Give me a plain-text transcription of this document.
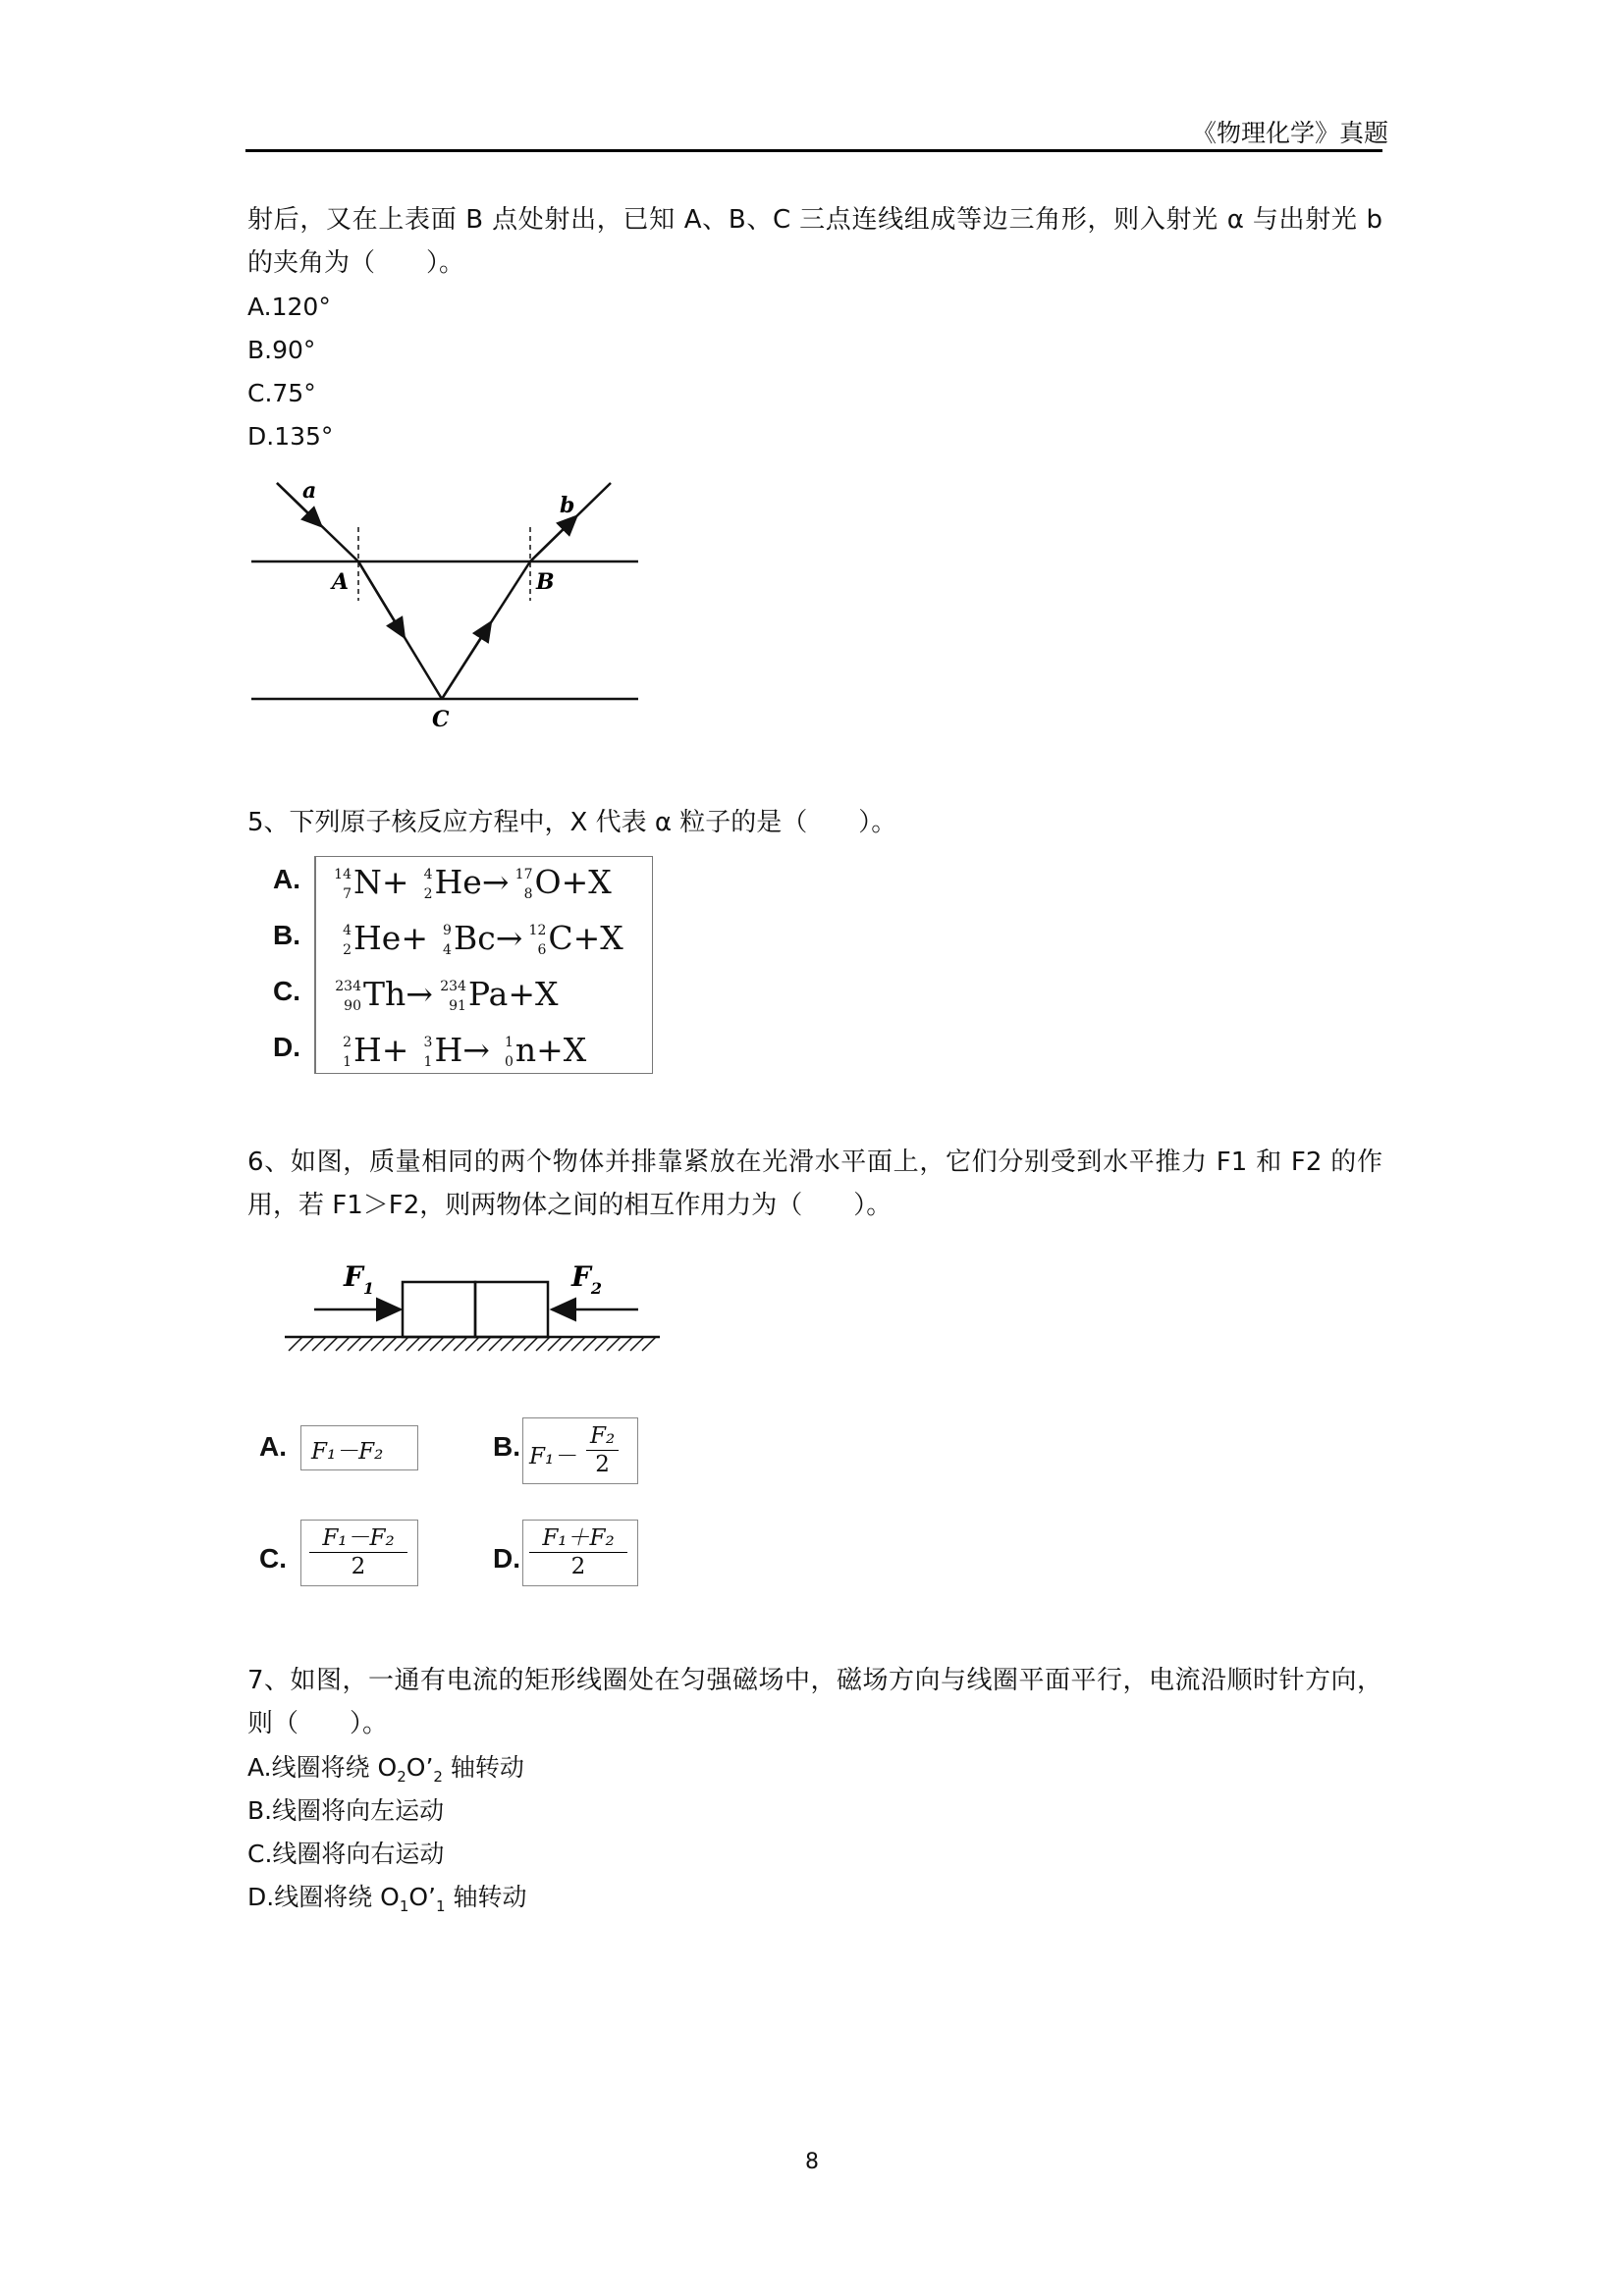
《物理化学》真题
射后，又在上表面 B 点处射出，已知 A、B、C 三点连线组成等边三角形，则入射光 α 与出射光 b 的夹角为（　　）。
A.120°
B.90°
C.75°
D.135°
a
b
A	B
C
5、下列原子核反应方程中，X 代表 α 粒子的是（　　）。
A.
B.
C.
D.
14
7 N+ 4
2 He→ 17
8 O+X
4
2 He+ 9
4 Bc→ 12
6 C+X
234
90 Th→ 234
91 Pa+X
2
1 H+ 3
1 H→ 1
0 n+X
6、如图，质量相同的两个物体并排靠紧放在光滑水平面上，它们分别受到水平推力 F1 和 F2 的作用，若 F1＞F2，则两物体之间的相互作用力为（　　）。
$F_1$	$F_2$
A. F₁－F₂	B. $F_1- \frac{\text{F₂}}{2}$
C. $\frac{\text{F₁－F₂}}{2}$	D. $\frac{\text{F₁＋F₂}}{2}$
7、如图，一通有电流的矩形线圈处在匀强磁场中，磁场方向与线圈平面平行，电流沿顺时针方向，则（　　）。
A.线圈将绕 $O_2O’_2$ 轴转动
B.线圈将向左运动
C.线圈将向右运动
D.线圈将绕 $O_1O’_1$ 轴转动
8
